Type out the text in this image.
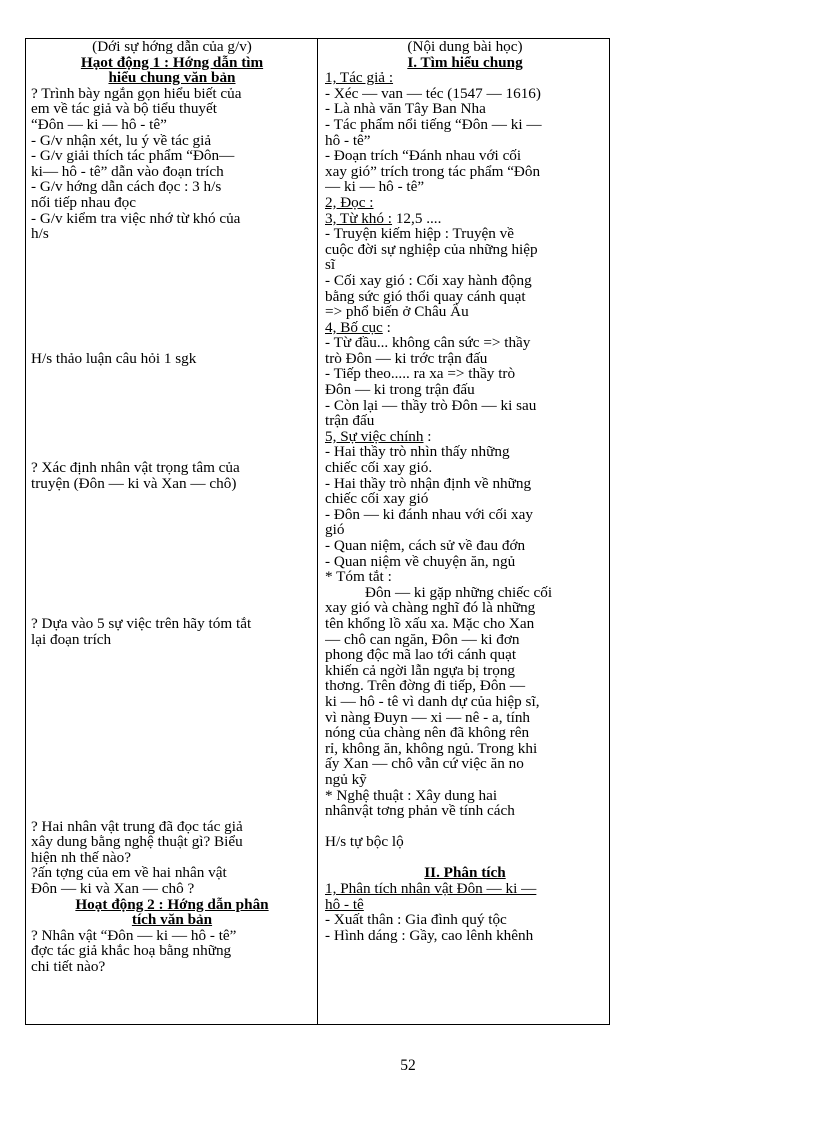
(Dới sự hớng dẫn của g/v)
Hạot động 1 : Hớng dẫn tìm
hiểu chung văn bản
? Trình bày ngắn gọn hiểu biết của
em về tác giả và bộ tiểu thuyết
“Đôn — ki — hô - tê”
- G/v nhận xét, lu ý về tác giả
- G/v giải thích tác phẩm “Đôn—
ki— hô - tê” dẫn vào đoạn trích
- G/v hớng dẫn cách đọc : 3 h/s
nối tiếp nhau đọc
- G/v kiểm tra việc nhớ từ khó của
h/s
H/s thảo luận câu hỏi 1 sgk
? Xác định nhân vật trọng tâm của
truyện (Đôn — ki và Xan — chô)
? Dựa vào 5 sự việc trên hãy tóm tắt
lại đoạn trích
? Hai nhân vật trung đã đọc tác giả
xây dung bằng nghệ thuật gì? Biểu
hiện nh thế nào?
?ấn tợng của em về hai nhân vật
Đôn — ki và Xan — chô ?
Hoạt động 2 : Hớng dẫn phân
tích văn bản
? Nhân vật “Đôn — ki — hô - tê”
đợc tác giả khắc hoạ bằng những
chi tiết nào?
(Nội dung bài học)
I. Tìm hiểu chung
1, Tác giả :
- Xéc — van — téc (1547 — 1616)
- Là nhà văn Tây Ban Nha
- Tác phẩm nổi tiếng “Đôn — ki —
hô - tê”
- Đoạn trích “Đánh nhau với cối
xay gió” trích trong tác phẩm “Đôn
— ki — hô - tê”
2, Đọc :
3, Từ khó : 12,5 ....
- Truyện kiếm hiệp : Truyện về
cuộc đời sự nghiệp của những hiệp
sĩ
- Cối xay gió : Cối xay hành động
bằng sức gió thổi quay cánh quạt
=> phổ biến ở Châu Âu
4, Bố cục :
- Từ đầu... không cân sức => thầy
trò Đôn — ki trớc trận đấu
- Tiếp theo..... ra xa => thầy trò
Đôn — ki trong trận đấu
- Còn lại — thầy trò Đôn — ki sau
trận đấu
5, Sự việc chính :
- Hai thầy trò nhìn thấy những
chiếc cối xay gió.
- Hai thầy trò nhận định về những
chiếc cối xay gió
- Đôn — ki đánh nhau với cối xay
gió
- Quan niệm, cách sử về đau đớn
- Quan niệm về chuyện ăn, ngủ
* Tóm tắt :
Đôn — ki gặp những chiếc cối
xay gió và chàng nghĩ đó là những
tên khổng lồ xấu xa. Mặc cho Xan
— chô can ngăn, Đôn — ki đơn
phong độc mã lao tới cánh quạt
khiến cả ngời lẫn ngựa bị trọng
thơng. Trên đờng đi tiếp, Đôn —
ki — hô - tê vì danh dự của hiệp sĩ,
vì nàng Đuyn — xi — nê - a, tính
nóng của chàng nên đã không rên
rỉ, không ăn, không ngủ. Trong khi
ấy Xan — chô vẫn cứ việc ăn no
ngủ kỹ
* Nghệ thuật : Xây dung hai
nhânvật tơng phản về tính cách
H/s tự bộc lộ
II. Phân tích
1, Phân tích nhân vật Đôn — ki —
hô - tê
- Xuất thân : Gia đình quý tộc
- Hình dáng : Gầy, cao lênh khênh
52
